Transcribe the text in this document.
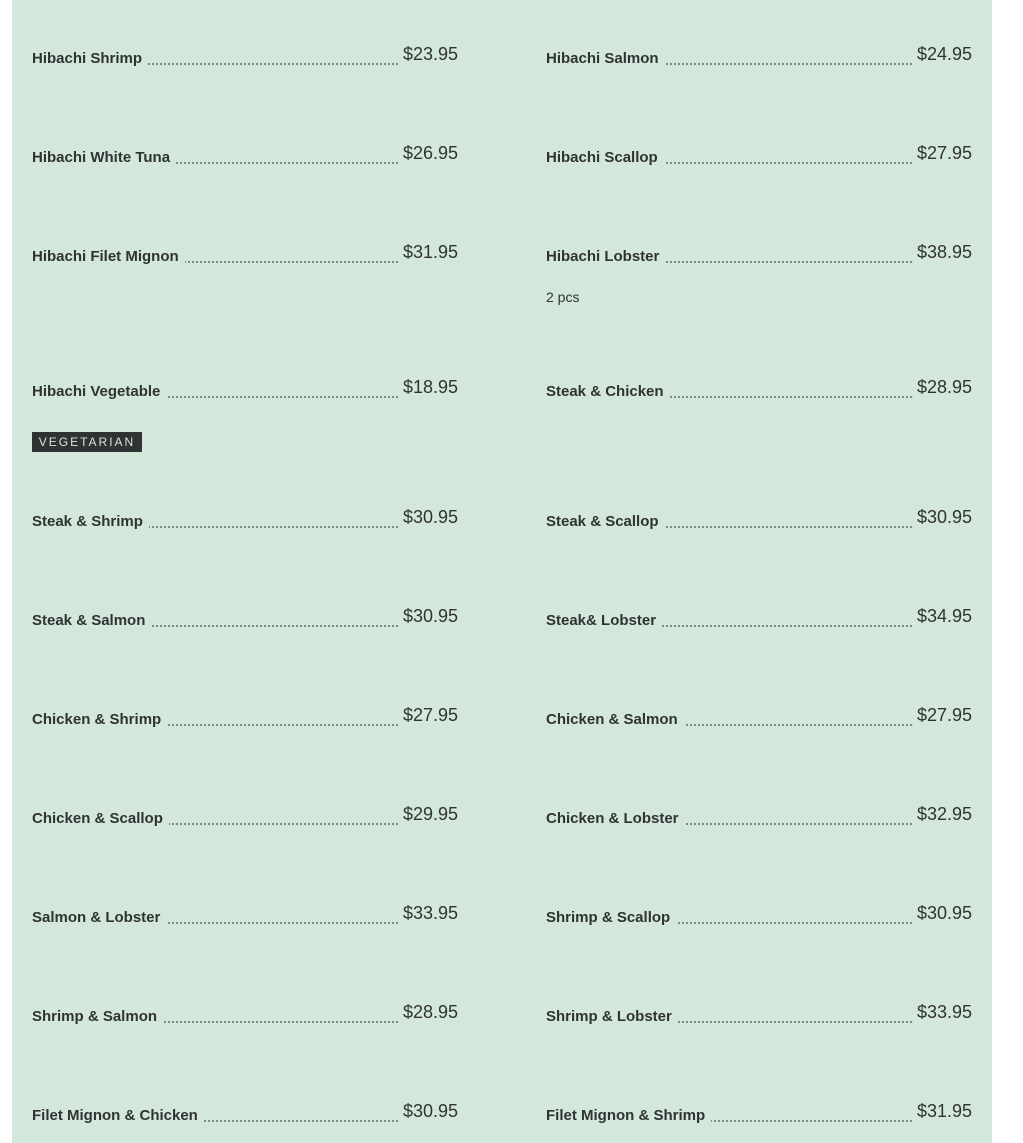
Hibachi Shrimp	$23.95
Hibachi White Tuna	$26.95
Hibachi Filet Mignon	$31.95
Hibachi Vegetable	$18.95
VEGETARIAN
Steak & Shrimp	$30.95
Steak & Salmon	$30.95
Chicken & Shrimp	$27.95
Chicken & Scallop	$29.95
Salmon & Lobster	$33.95
Shrimp & Salmon	$28.95
Filet Mignon & Chicken	$30.95
Hibachi Salmon	$24.95
Hibachi Scallop	$27.95
Hibachi Lobster	$38.95
2 pcs
Steak & Chicken	$28.95
Steak & Scallop	$30.95
Steak& Lobster	$34.95
Chicken & Salmon	$27.95
Chicken & Lobster	$32.95
Shrimp & Scallop	$30.95
Shrimp & Lobster	$33.95
Filet Mignon & Shrimp	$31.95
